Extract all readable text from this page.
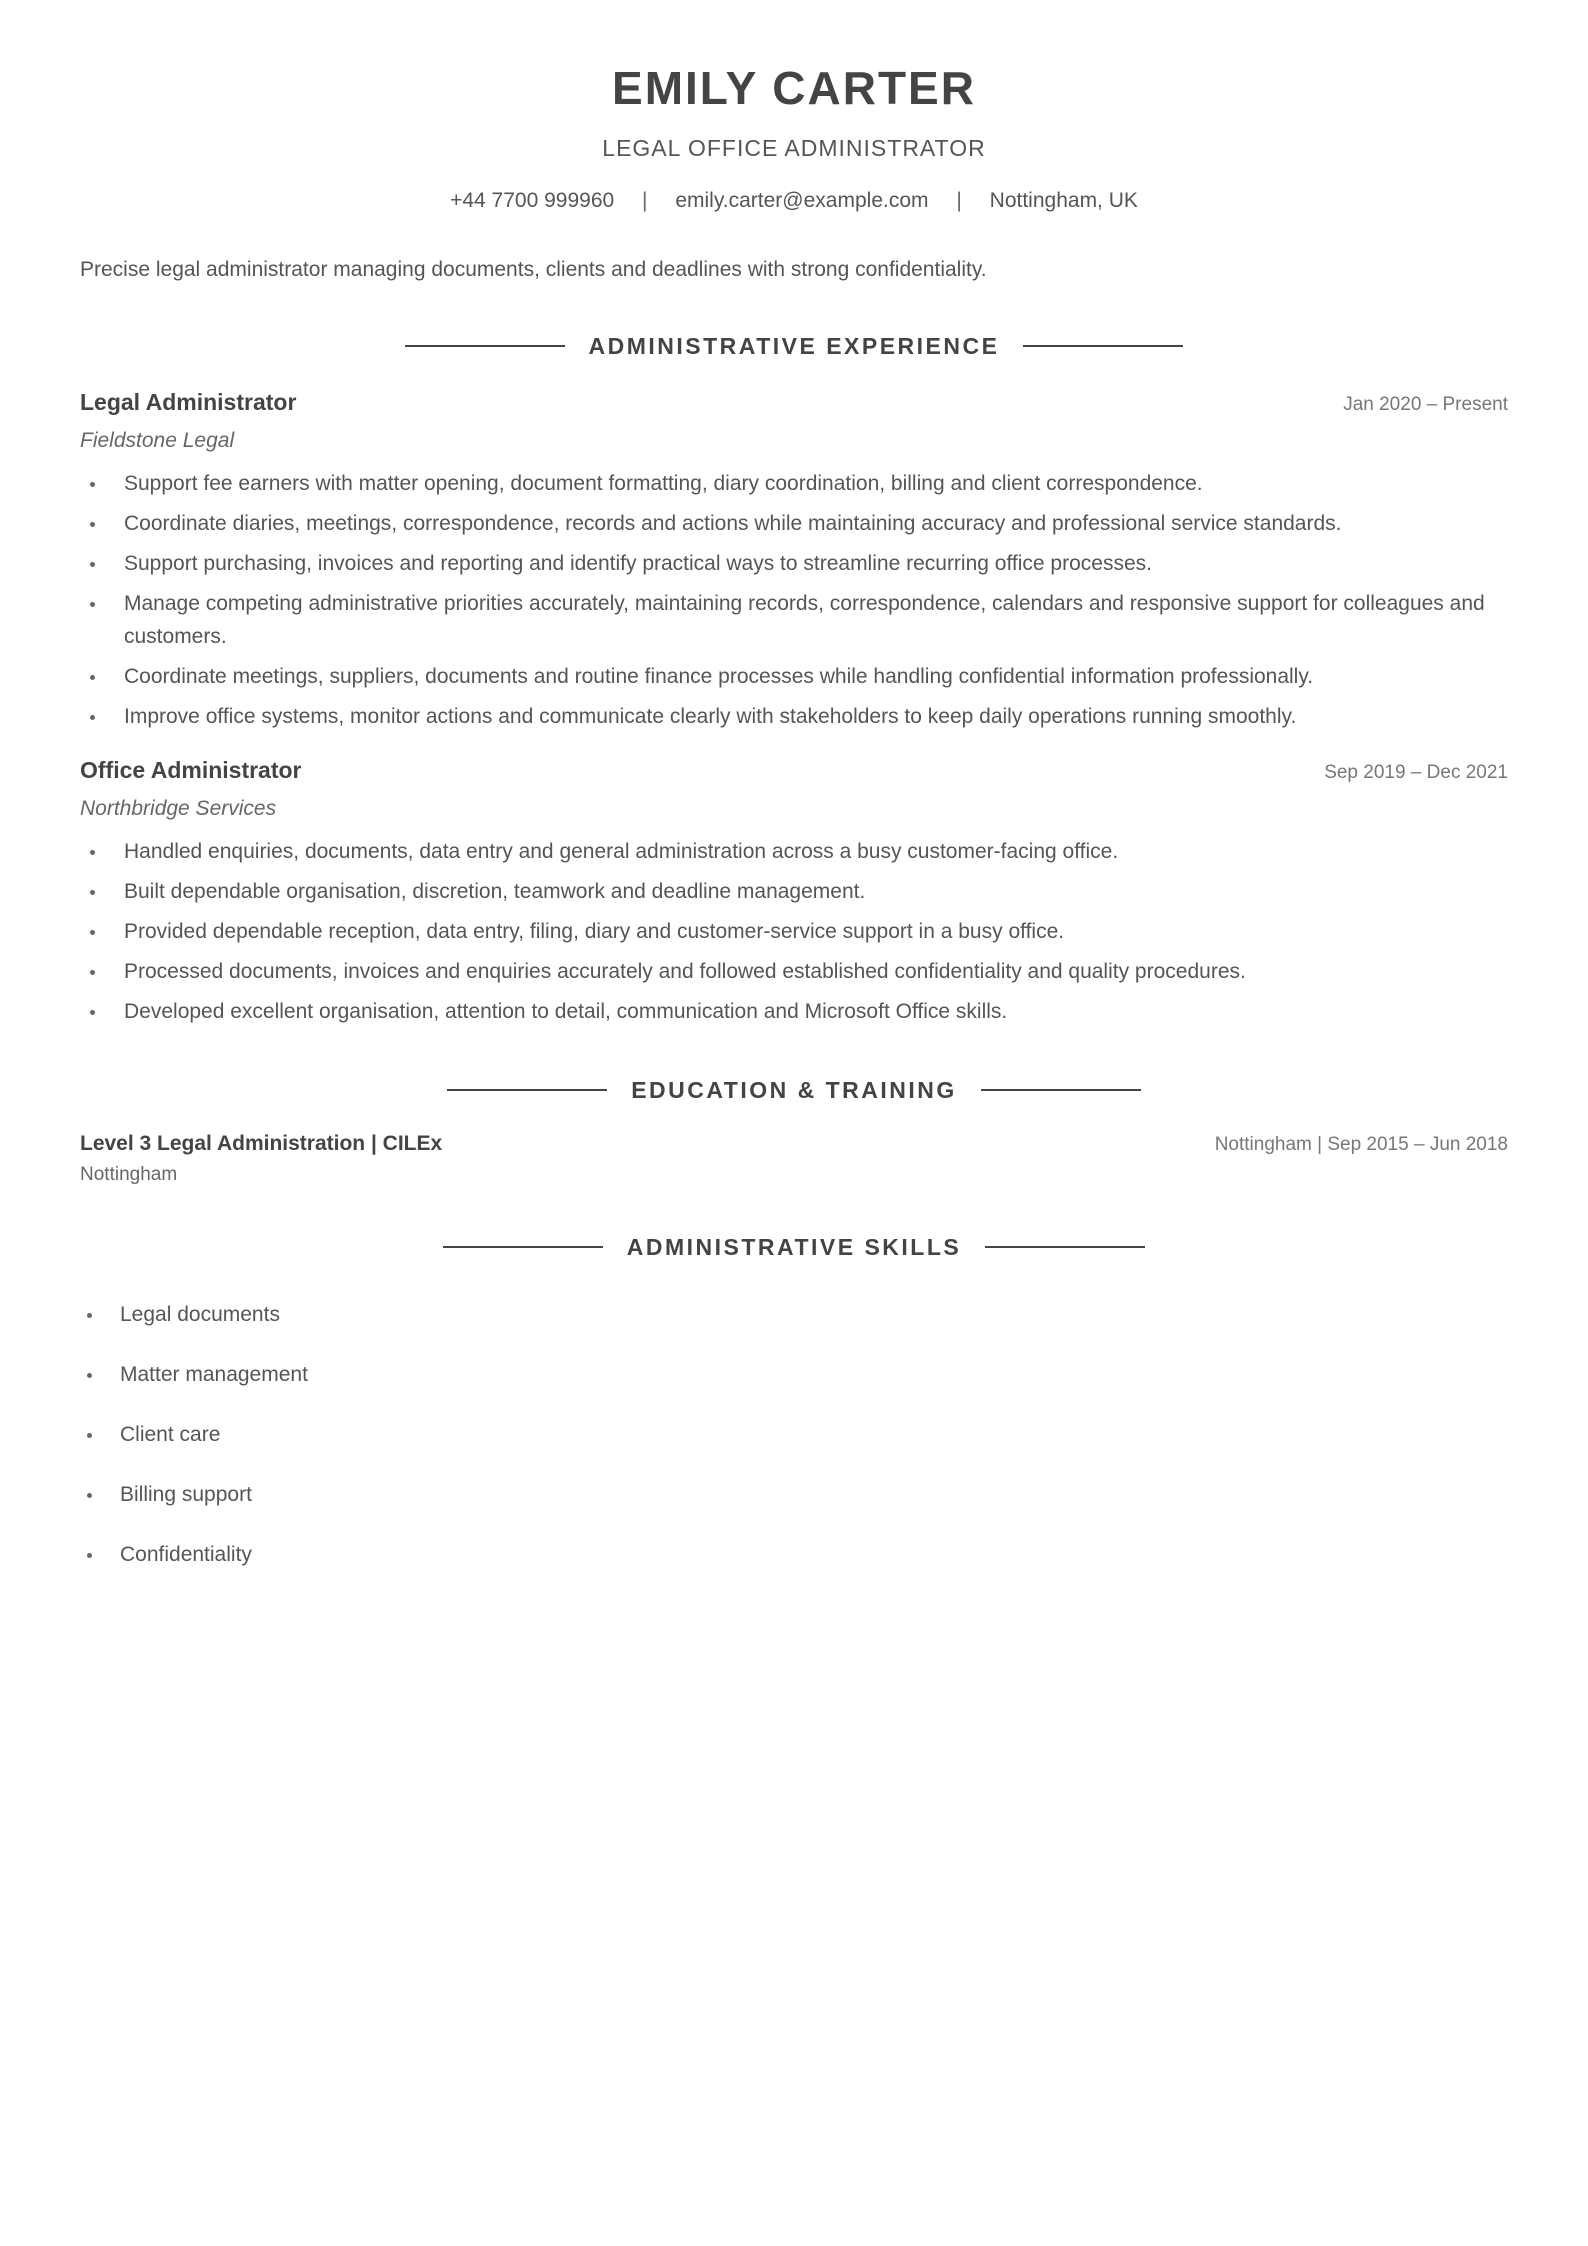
EMILY CARTER
LEGAL OFFICE ADMINISTRATOR
+44 7700 999960 | emily.carter@example.com | Nottingham, UK
Precise legal administrator managing documents, clients and deadlines with strong confidentiality.
ADMINISTRATIVE EXPERIENCE
Legal Administrator	Jan 2020 – Present
Fieldstone Legal
Support fee earners with matter opening, document formatting, diary coordination, billing and client correspondence.
Coordinate diaries, meetings, correspondence, records and actions while maintaining accuracy and professional service standards.
Support purchasing, invoices and reporting and identify practical ways to streamline recurring office processes.
Manage competing administrative priorities accurately, maintaining records, correspondence, calendars and responsive support for colleagues and customers.
Coordinate meetings, suppliers, documents and routine finance processes while handling confidential information professionally.
Improve office systems, monitor actions and communicate clearly with stakeholders to keep daily operations running smoothly.
Office Administrator	Sep 2019 – Dec 2021
Northbridge Services
Handled enquiries, documents, data entry and general administration across a busy customer-facing office.
Built dependable organisation, discretion, teamwork and deadline management.
Provided dependable reception, data entry, filing, diary and customer-service support in a busy office.
Processed documents, invoices and enquiries accurately and followed established confidentiality and quality procedures.
Developed excellent organisation, attention to detail, communication and Microsoft Office skills.
EDUCATION & TRAINING
Level 3 Legal Administration | CILEx	Nottingham | Sep 2015 – Jun 2018
Nottingham
ADMINISTRATIVE SKILLS
Legal documents
Matter management
Client care
Billing support
Confidentiality
